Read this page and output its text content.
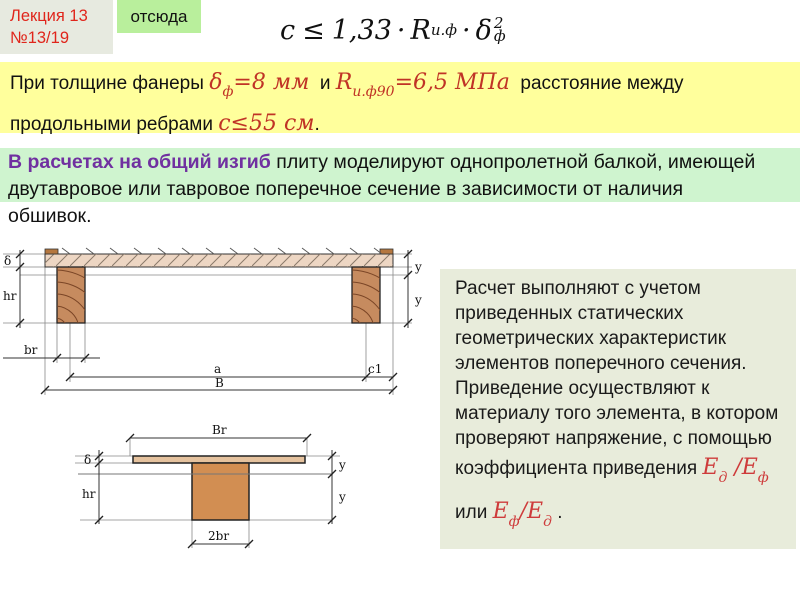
Лекция 13
№13/19
отсюда	c ≤ 1,33 · R и.ф · δ 2
ф
При толщине фанеры $\delta_ф=8$ мм  и $R_{и.ф90}=6,5$ МПа  расстояние между
продольными ребрами c≤55 см.
В расчетах на общий изгиб плиту моделируют однопролетной балкой, имеющей
двутавровое или тавровое поперечное сечение в зависимости от наличия
обшивок.
Расчет выполняют с учетом
приведенных статических
геометрических характеристик
элементов поперечного сечения.
Приведение осуществляют к
материалу того элемента, в котором
проверяют напряжение, с помощью
коэффициента приведения $E_д$ $/E_ф$
или $E_ф/E_д$ .
δ
hr
br
a	c1
B
y
y
Br
δ
hr
2br
y
y
